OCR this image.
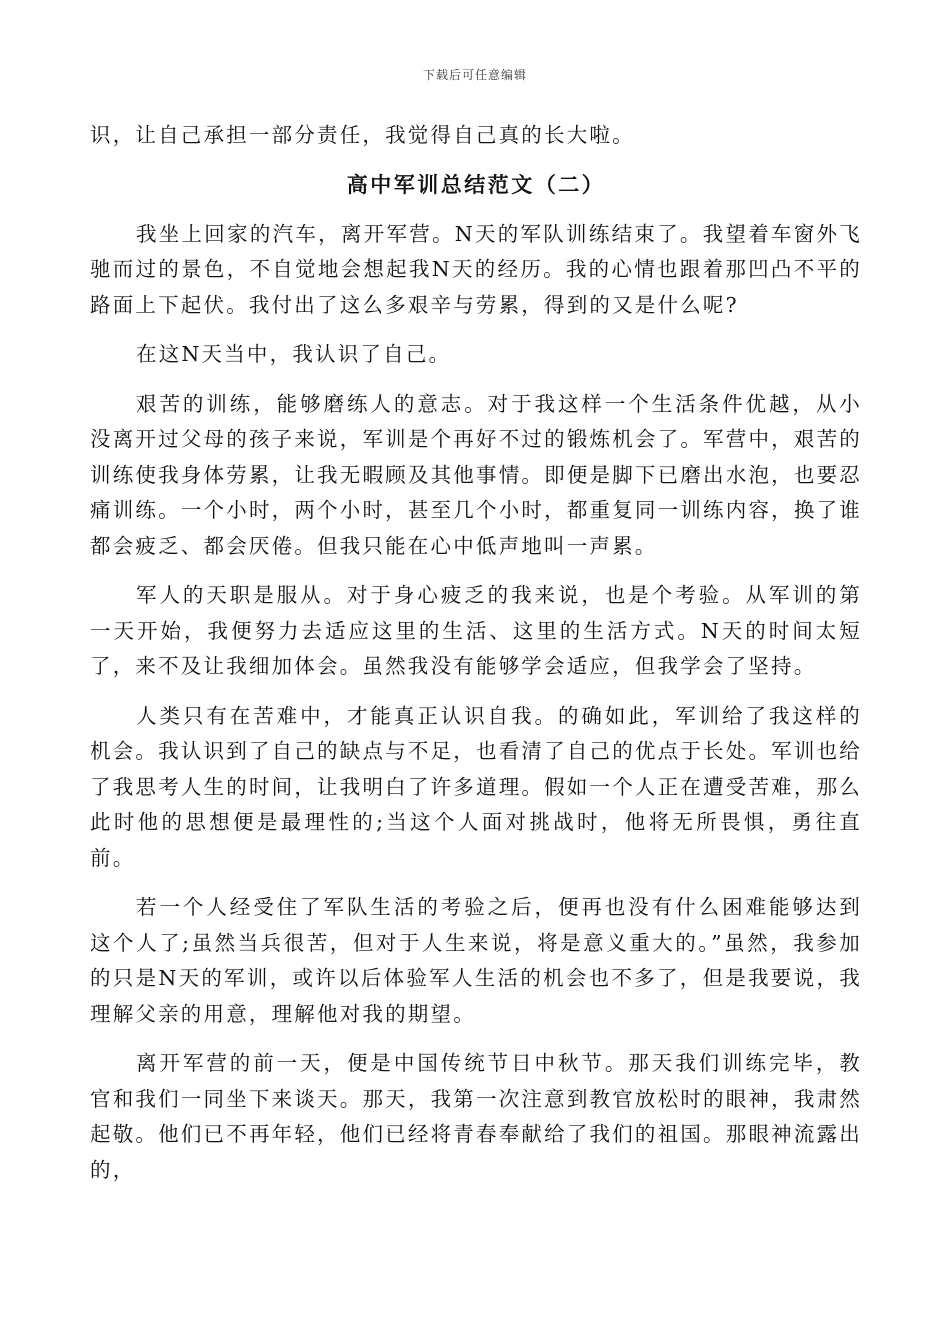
下载后可任意编辑

识，让自己承担一部分责任，我觉得自己真的长大啦。

高中军训总结范文（二）

我坐上回家的汽车，离开军营。N天的军队训练结束了。我望着车窗外飞驰而过的景色，不自觉地会想起我N天的经历。我的心情也跟着那凹凸不平的路面上下起伏。我付出了这么多艰辛与劳累，得到的又是什么呢?

在这N天当中，我认识了自己。

艰苦的训练，能够磨练人的意志。对于我这样一个生活条件优越，从小没离开过父母的孩子来说，军训是个再好不过的锻炼机会了。军营中，艰苦的训练使我身体劳累，让我无暇顾及其他事情。即便是脚下已磨出水泡，也要忍痛训练。一个小时，两个小时，甚至几个小时，都重复同一训练内容，换了谁都会疲乏、都会厌倦。但我只能在心中低声地叫一声累。

军人的天职是服从。对于身心疲乏的我来说，也是个考验。从军训的第一天开始，我便努力去适应这里的生活、这里的生活方式。N天的时间太短了，来不及让我细加体会。虽然我没有能够学会适应，但我学会了坚持。

人类只有在苦难中，才能真正认识自我。的确如此，军训给了我这样的机会。我认识到了自己的缺点与不足，也看清了自己的优点于长处。军训也给了我思考人生的时间，让我明白了许多道理。假如一个人正在遭受苦难，那么此时他的思想便是最理性的;当这个人面对挑战时，他将无所畏惧，勇往直前。

若一个人经受住了军队生活的考验之后，便再也没有什么困难能够达到这个人了;虽然当兵很苦，但对于人生来说，将是意义重大的。”虽然，我参加的只是N天的军训，或许以后体验军人生活的机会也不多了，但是我要说，我理解父亲的用意，理解他对我的期望。

离开军营的前一天，便是中国传统节日中秋节。那天我们训练完毕，教官和我们一同坐下来谈天。那天，我第一次注意到教官放松时的眼神，我肃然起敬。他们已不再年轻，他们已经将青春奉献给了我们的祖国。那眼神流露出的，
